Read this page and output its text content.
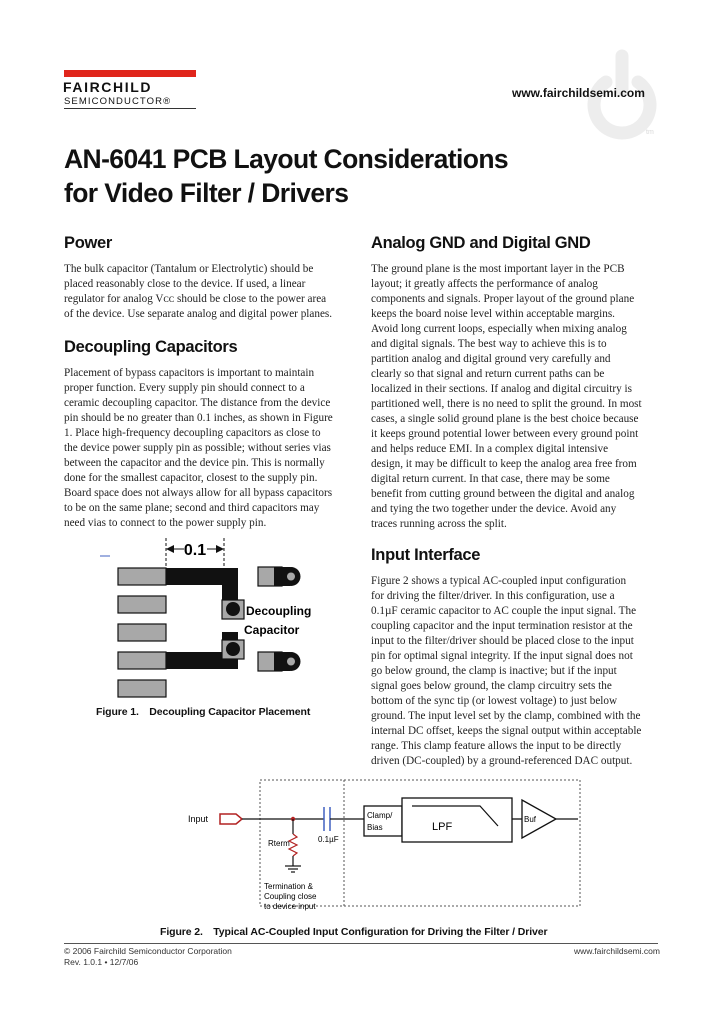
tm
FAIRCHILD
SEMICONDUCTOR®
www.fairchildsemi.com
AN-6041 PCB Layout Considerations
for Video Filter / Drivers
Power

The bulk capacitor (Tantalum or Electrolytic) should be
placed reasonably close to the device. If used, a linear
regulator for analog Vᴄᴄ should be close to the power area
of the device. Use separate analog and digital power planes.

Decoupling Capacitors

Placement of bypass capacitors is important to maintain
proper function. Every supply pin should connect to a
ceramic decoupling capacitor. The distance from the device
pin should be no greater than 0.1 inches, as shown in Figure
1. Place high-frequency decoupling capacitors as close to
the device power supply pin as possible; without series vias
between the capacitor and the device pin. This is normally
done for the smallest capacitor, closest to the supply pin.
Board space does not always allow for all bypass capacitors
to be on the same plane; second and third capacitors may
need vias to connect to the power supply pin.

0.1
Decoupling
Capacitor
Figure 1. Decoupling Capacitor Placement
Analog GND and Digital GND

The ground plane is the most important layer in the PCB
layout; it greatly affects the performance of analog
components and signals. Proper layout of the ground plane
keeps the board noise level within acceptable margins.
Avoid long current loops, especially when mixing analog
and digital signals. The best way to achieve this is to
partition analog and digital ground very carefully and
clearly so that signal and return current paths can be
localized in their sections. If analog and digital circuitry is
partitioned well, there is no need to split the ground. In most
cases, a single solid ground plane is the best choice because
it keeps ground potential lower between every ground point
and helps reduce EMI. In a complex digital intensive
design, it may be difficult to keep the analog area free from
digital return current. In that case, there may be some
benefit from cutting ground between the digital and analog
and tying the two together under the device. Avoid any
traces running across the split.

Input Interface

Figure 2 shows a typical AC-coupled input configuration
for driving the filter/driver. In this configuration, use a
0.1µF ceramic capacitor to AC couple the input signal. The
coupling capacitor and the input termination resistor at the
input to the filter/driver should be placed close to the input
pin for optimal signal integrity. If the input signal does not
go below ground, the clamp is inactive; but if the input
signal goes below ground, the clamp circuitry sets the
bottom of the sync tip (or lowest voltage) to just below
ground. The input level set by the clamp, combined with the
internal DC offset, keeps the signal output within acceptable
range. This clamp feature allows the input to be directly
driven (DC-coupled) by a ground-referenced DAC output.

Input
Rterm	0.1µF
Clamp/
Bias	LPF
Buf
Termination &
Coupling close
to device input
Figure 2. Typical AC-Coupled Input Configuration for Driving the Filter / Driver
© 2006 Fairchild Semiconductor Corporation
Rev. 1.0.1 • 12/7/06
www.fairchildsemi.com
